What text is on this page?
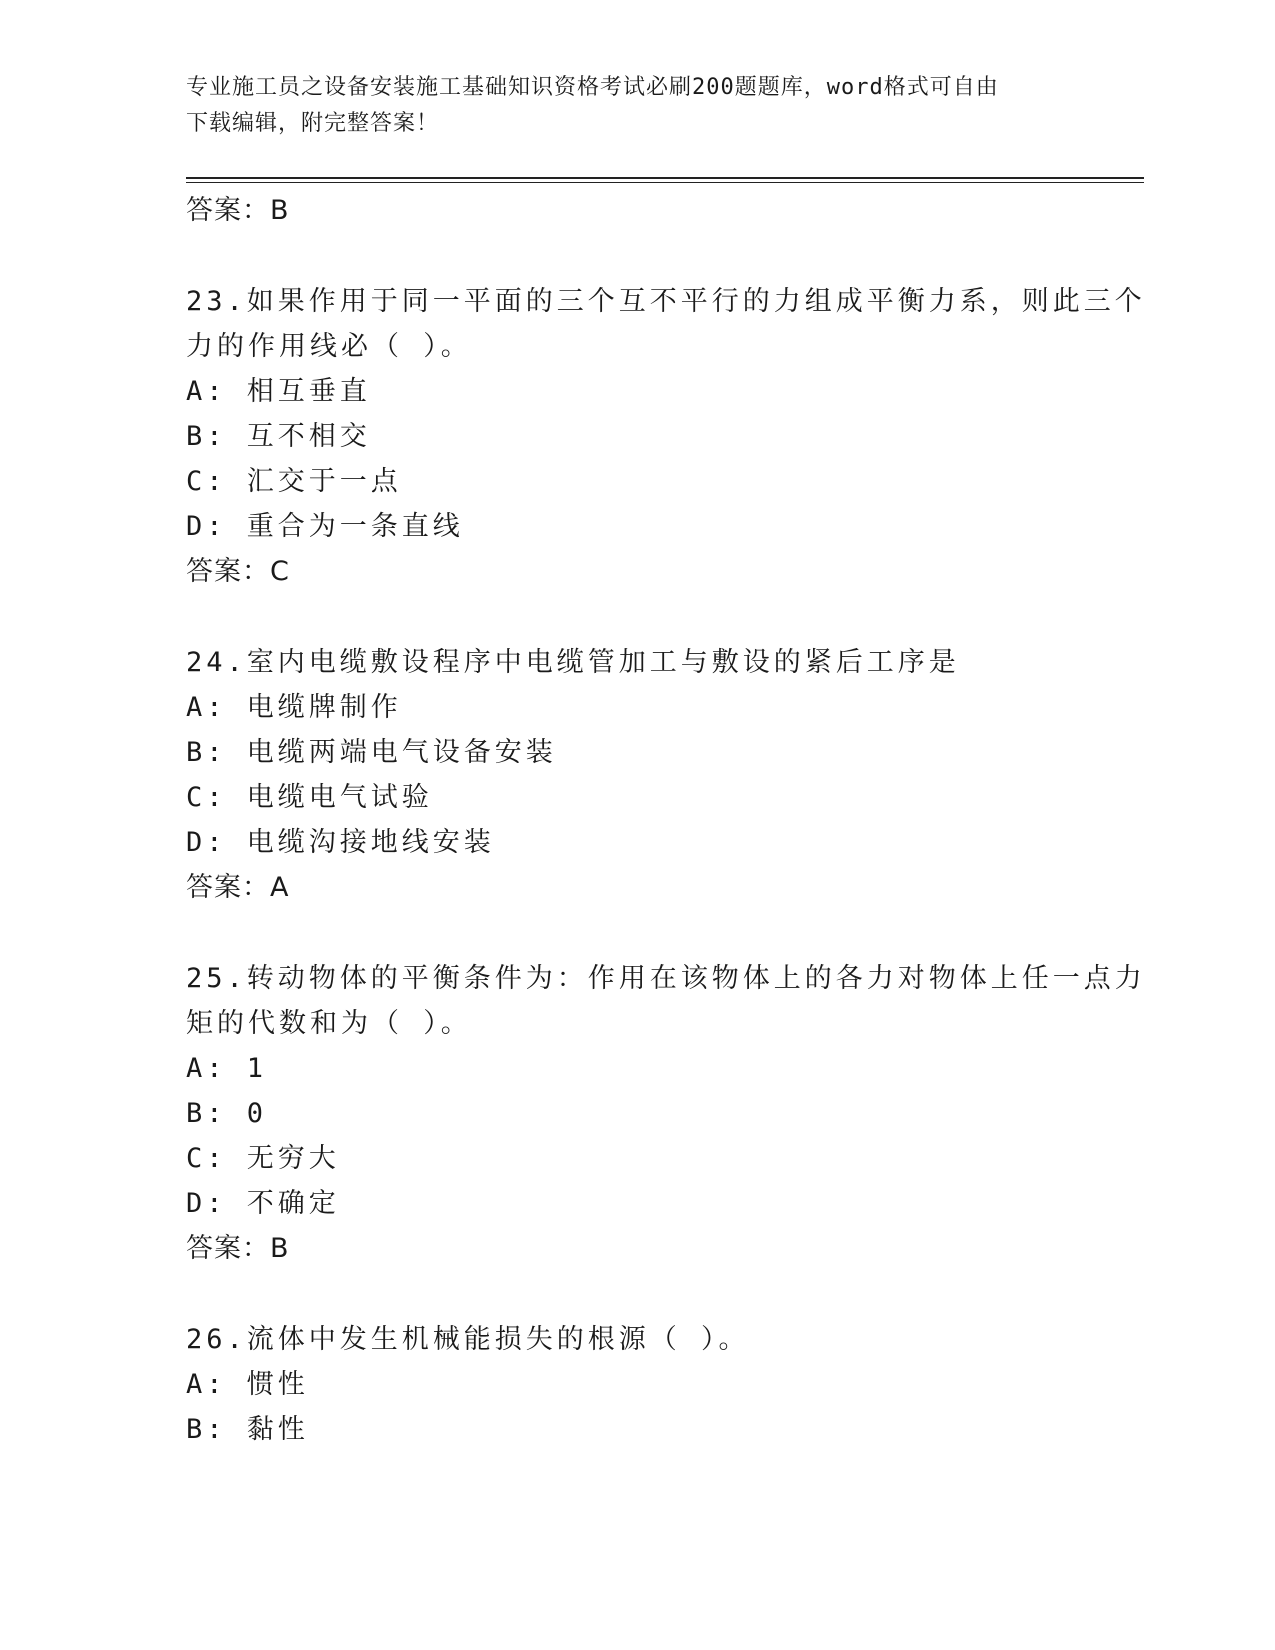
专业施工员之设备安装施工基础知识资格考试必刷200题题库，word格式可自由
下载编辑，附完整答案！
答案：B
23.如果作用于同一平面的三个互不平行的力组成平衡力系，则此三个
力的作用线必（ ）。
A: 相互垂直
B: 互不相交
C: 汇交于一点
D: 重合为一条直线
答案：C
24.室内电缆敷设程序中电缆管加工与敷设的紧后工序是
A: 电缆牌制作
B: 电缆两端电气设备安装
C: 电缆电气试验
D: 电缆沟接地线安装
答案：A
25.转动物体的平衡条件为：作用在该物体上的各力对物体上任一点力
矩的代数和为（ ）。
A: 1
B: 0
C: 无穷大
D: 不确定
答案：B
26.流体中发生机械能损失的根源（ ）。
A: 惯性
B: 黏性
